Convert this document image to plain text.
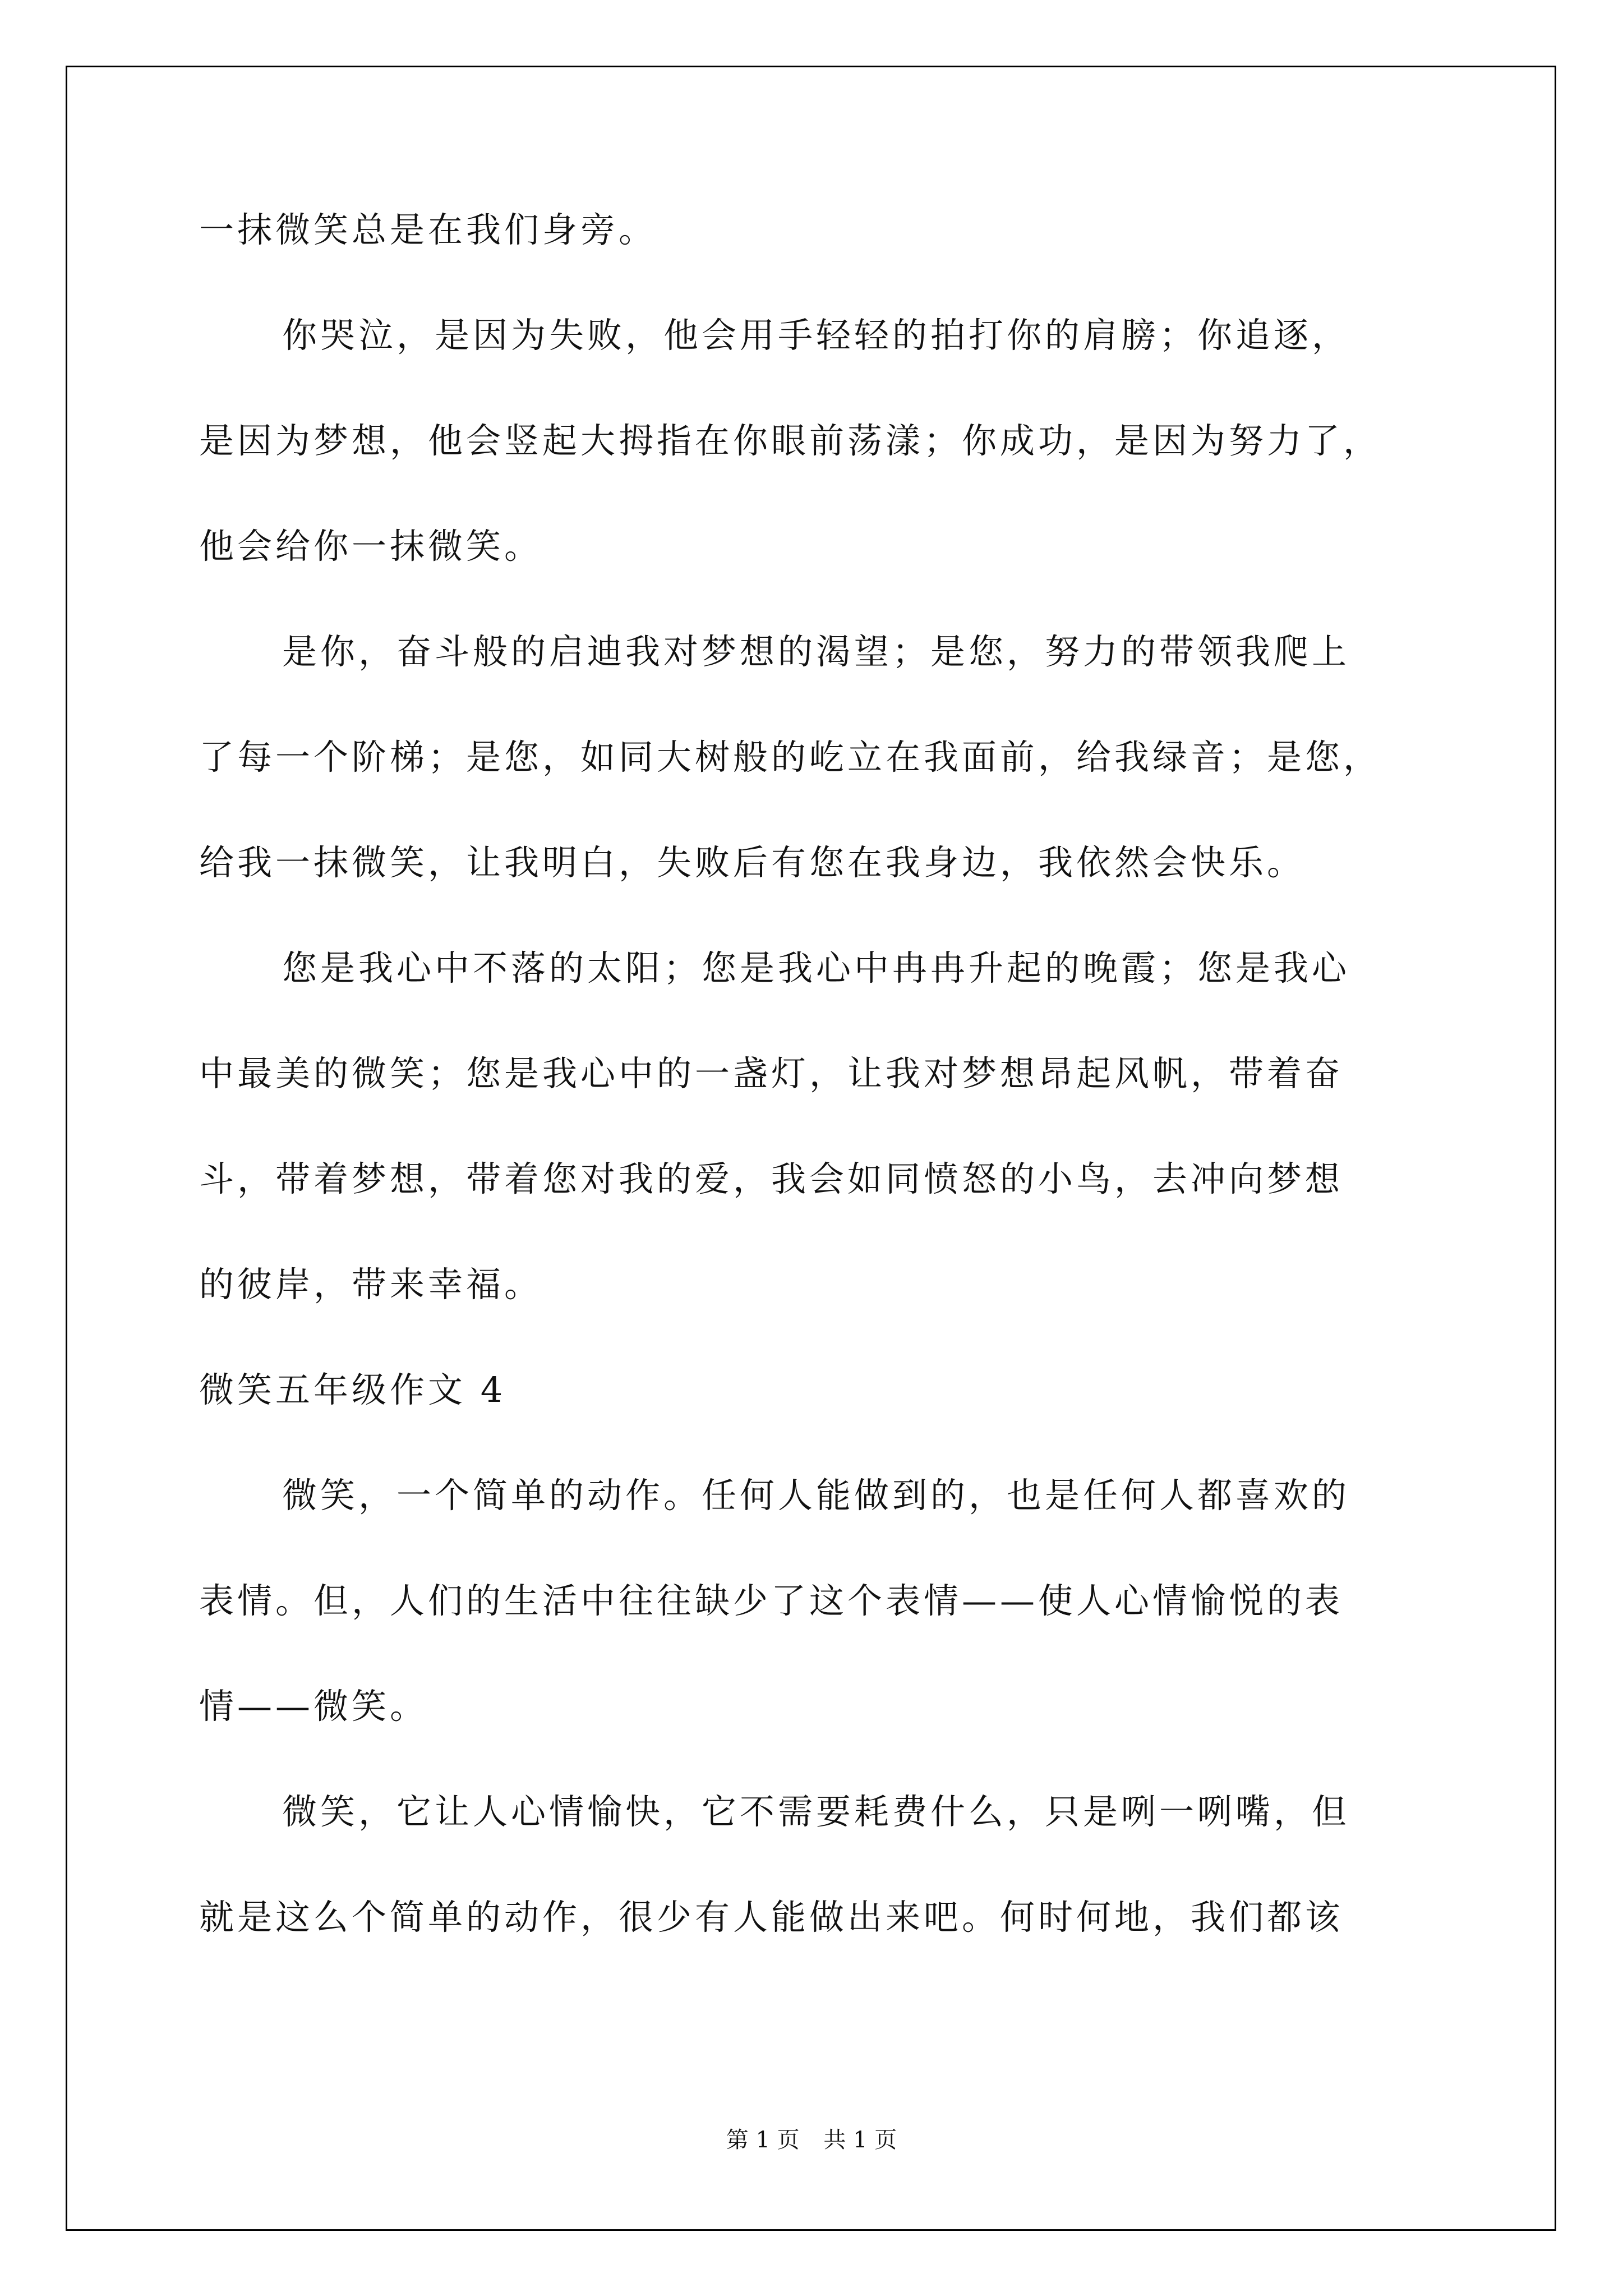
一抹微笑总是在我们身旁。
你哭泣，是因为失败，他会用手轻轻的拍打你的肩膀；你追逐，
是因为梦想，他会竖起大拇指在你眼前荡漾；你成功，是因为努力了，
他会给你一抹微笑。
是你，奋斗般的启迪我对梦想的渴望；是您，努力的带领我爬上
了每一个阶梯；是您，如同大树般的屹立在我面前，给我绿音；是您，
给我一抹微笑，让我明白，失败后有您在我身边，我依然会快乐。
您是我心中不落的太阳；您是我心中冉冉升起的晚霞；您是我心
中最美的微笑；您是我心中的一盏灯，让我对梦想昂起风帆，带着奋
斗，带着梦想，带着您对我的爱，我会如同愤怒的小鸟，去冲向梦想
的彼岸，带来幸福。
微笑五年级作文 4
微笑，一个简单的动作。任何人能做到的，也是任何人都喜欢的
表情。但，人们的生活中往往缺少了这个表情——使人心情愉悦的表
情——微笑。
微笑，它让人心情愉快，它不需要耗费什么，只是咧一咧嘴，但
就是这么个简单的动作，很少有人能做出来吧。何时何地，我们都该
第 1 页 共 1 页
